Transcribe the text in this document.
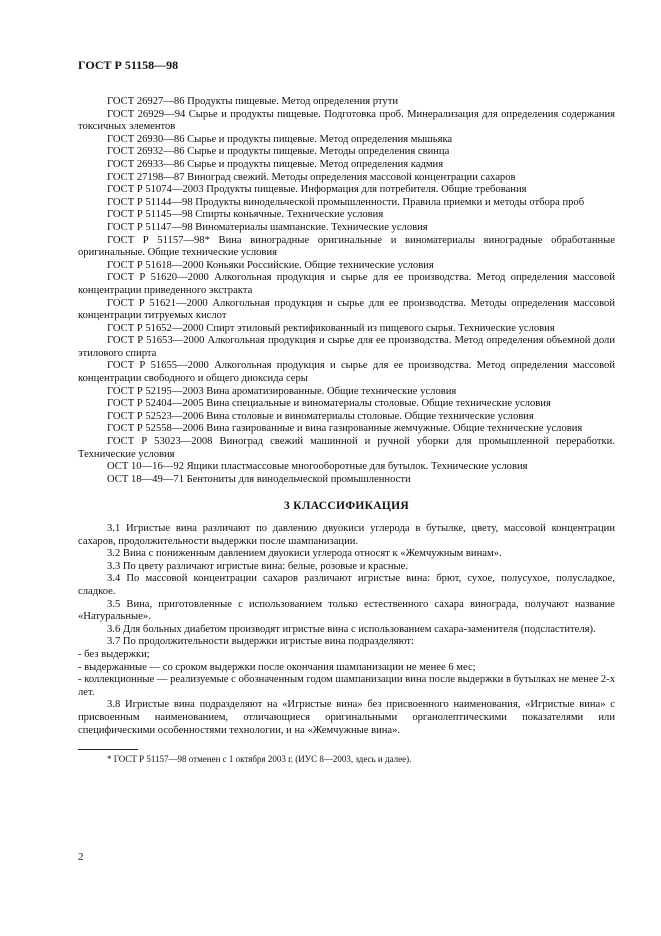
ГОСТ Р 51158—98

ГОСТ 26927—86 Продукты пищевые. Метод определения ртути

ГОСТ 26929—94 Сырье и продукты пищевые. Подготовка проб. Минерализация для определения содержания токсичных элементов

ГОСТ 26930—86 Сырье и продукты пищевые. Метод определения мышьяка

ГОСТ 26932—86 Сырье и продукты пищевые. Методы определения свинца

ГОСТ 26933—86 Сырье и продукты пищевые. Метод определения кадмия

ГОСТ 27198—87 Виноград свежий. Методы определения массовой концентрации сахаров

ГОСТ Р 51074—2003 Продукты пищевые. Информация для потребителя. Общие требования

ГОСТ Р 51144—98 Продукты винодельческой промышленности. Правила приемки и методы отбора проб

ГОСТ Р 51145—98 Спирты коньячные. Технические условия

ГОСТ Р 51147—98 Виноматериалы шампанские. Технические условия

ГОСТ Р 51157—98* Вина виноградные оригинальные и виноматериалы виноградные обработанные оригинальные. Общие технические условия

ГОСТ Р 51618—2000 Коньяки Российские. Общие технические условия

ГОСТ Р 51620—2000 Алкогольная продукция и сырье для ее производства. Метод определения массовой концентрации приведенного экстракта

ГОСТ Р 51621—2000 Алкогольная продукция и сырье для ее производства. Методы определения массовой концентрации титруемых кислот

ГОСТ Р 51652—2000 Спирт этиловый ректификованный из пищевого сырья. Технические условия

ГОСТ Р 51653—2000 Алкогольная продукция и сырье для ее производства. Метод определения объемной доли этилового спирта

ГОСТ Р 51655—2000 Алкогольная продукция и сырье для ее производства. Метод определения массовой концентрации свободного и общего диоксида серы

ГОСТ Р 52195—2003 Вина ароматизированные. Общие технические условия

ГОСТ Р 52404—2005 Вина специальные и виноматериалы столовые. Общие технические условия

ГОСТ Р 52523—2006 Вина столовые и виноматериалы столовые. Общие технические условия

ГОСТ Р 52558—2006 Вина газированные и вина газированные жемчужные. Общие технические условия

ГОСТ Р 53023—2008 Виноград свежий машинной и ручной уборки для промышленной переработки. Технические условия

ОСТ 10—16—92 Ящики пластмассовые многооборотные для бутылок. Технические условия

ОСТ 18—49—71 Бентониты для винодельческой промышленности

3 КЛАССИФИКАЦИЯ

3.1 Игристые вина различают по давлению двуокиси углерода в бутылке, цвету, массовой концентрации сахаров, продолжительности выдержки после шампанизации.

3.2 Вина с пониженным давлением двуокиси углерода относят к «Жемчужным винам».

3.3 По цвету различают игристые вина: белые, розовые и красные.

3.4 По массовой концентрации сахаров различают игристые вина: брют, сухое, полусухое, полусладкое, сладкое.

3.5 Вина, приготовленные с использованием только естественного сахара винограда, получают название «Натуральные».

3.6 Для больных диабетом производят игристые вина с использованием сахара-заменителя (подсластителя).

3.7 По продолжительности выдержки игристые вина подразделяют:

- без выдержки;

- выдержанные — со сроком выдержки после окончания шампанизации не менее 6 мес;

- коллекционные — реализуемые с обозначенным годом шампанизации вина после выдержки в бутылках не менее 2-х лет.

3.8 Игристые вина подразделяют на «Игристые вина» без присвоенного наименования, «Игристые вина» с присвоенным наименованием, отличающиеся оригинальными органолептическими показателями или специфическими особенностями технологии, и на «Жемчужные вина».

* ГОСТ Р 51157—98 отменен с 1 октября 2003 г. (ИУС 8—2003, здесь и далее).

2
